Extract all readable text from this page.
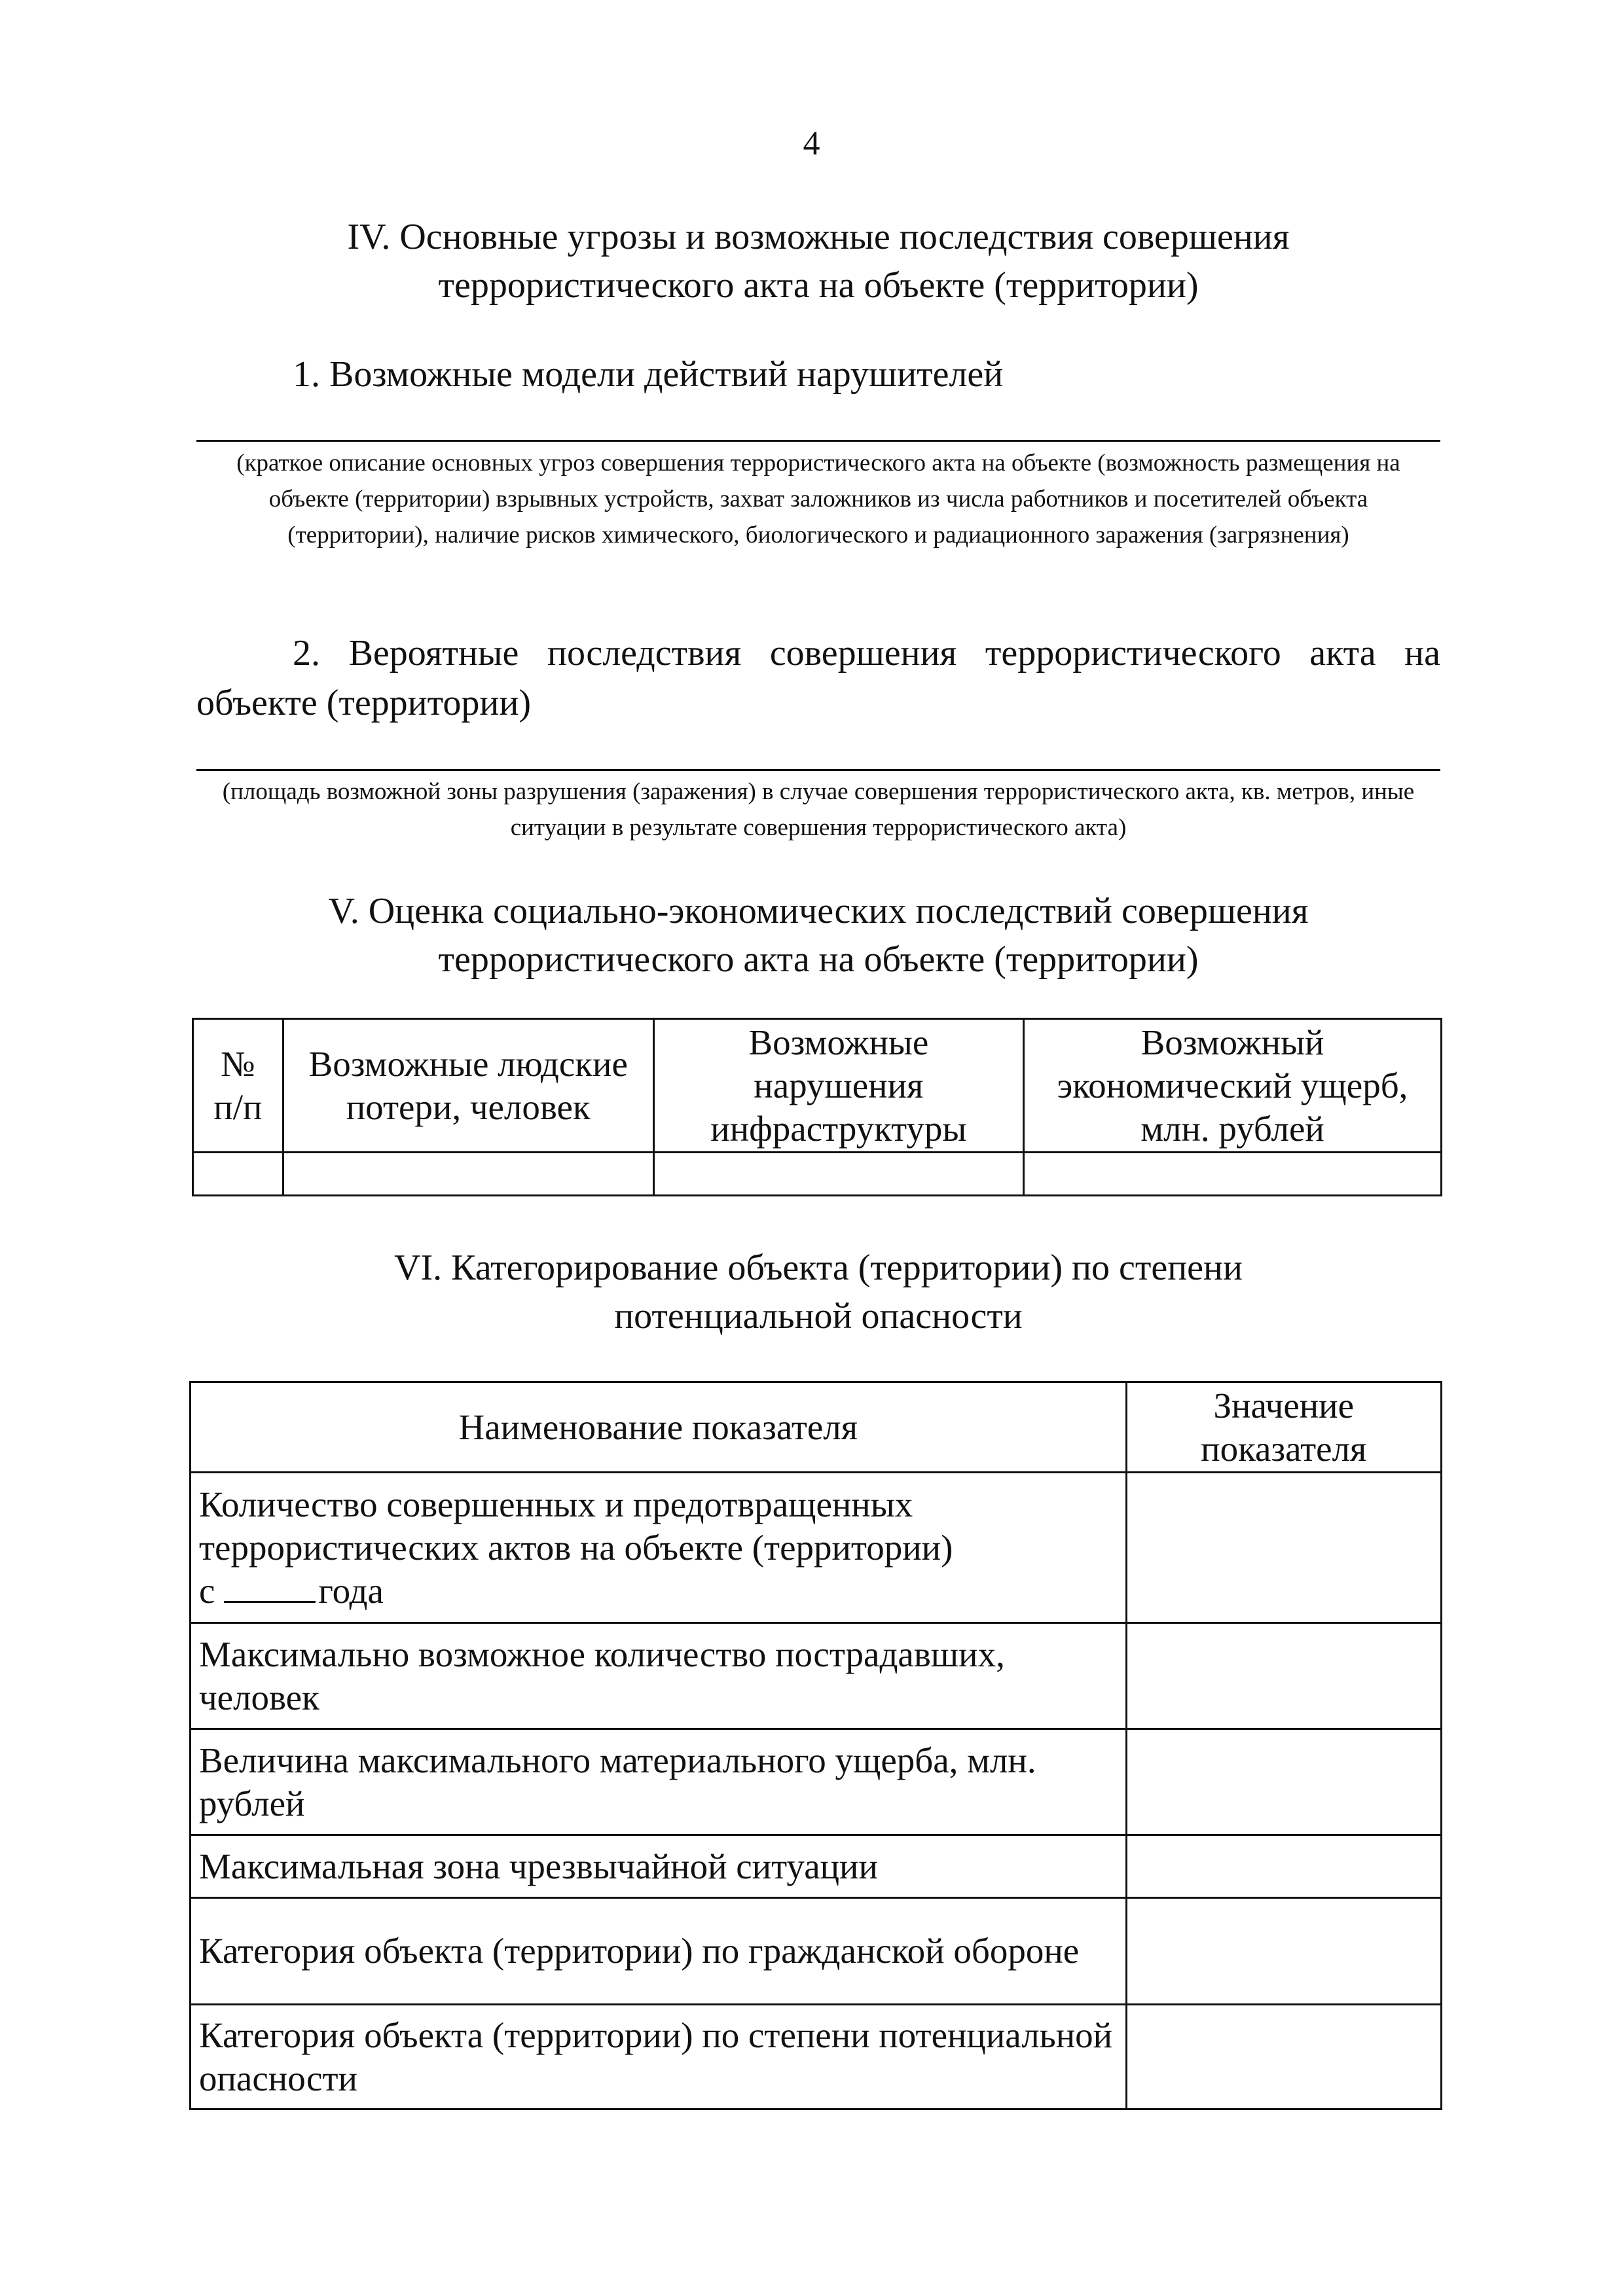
4
IV. Основные угрозы и возможные последствия совершения
террористического акта на объекте (территории)
1. Возможные модели действий нарушителей
(краткое описание основных угроз совершения террористического акта на объекте (возможность размещения на объекте (территории) взрывных устройств, захват заложников из числа работников и посетителей объекта (территории), наличие рисков химического, биологического и радиационного заражения (загрязнения)
2. Вероятные последствия совершения террористического акта на объекте (территории)
(площадь возможной зоны разрушения (заражения) в случае совершения террористического акта, кв. метров, иные ситуации в результате совершения террористического акта)
V. Оценка социально-экономических последствий совершения
террористического акта на объекте (территории)
№ п/п	Возможные людские потери, человек	Возможные нарушения инфраструктуры	Возможный экономический ущерб, млн. рублей

VI. Категорирование объекта (территории) по степени
потенциальной опасности
Наименование показателя	Значение показателя
Количество совершенных и предотвращенных террористических актов на объекте (территории)
с года	
Максимально возможное количество пострадавших, человек	
Величина максимального материального ущерба, млн. рублей	
Максимальная зона чрезвычайной ситуации	
Категория объекта (территории) по гражданской обороне	
Категория объекта (территории) по степени потенциальной опасности	
